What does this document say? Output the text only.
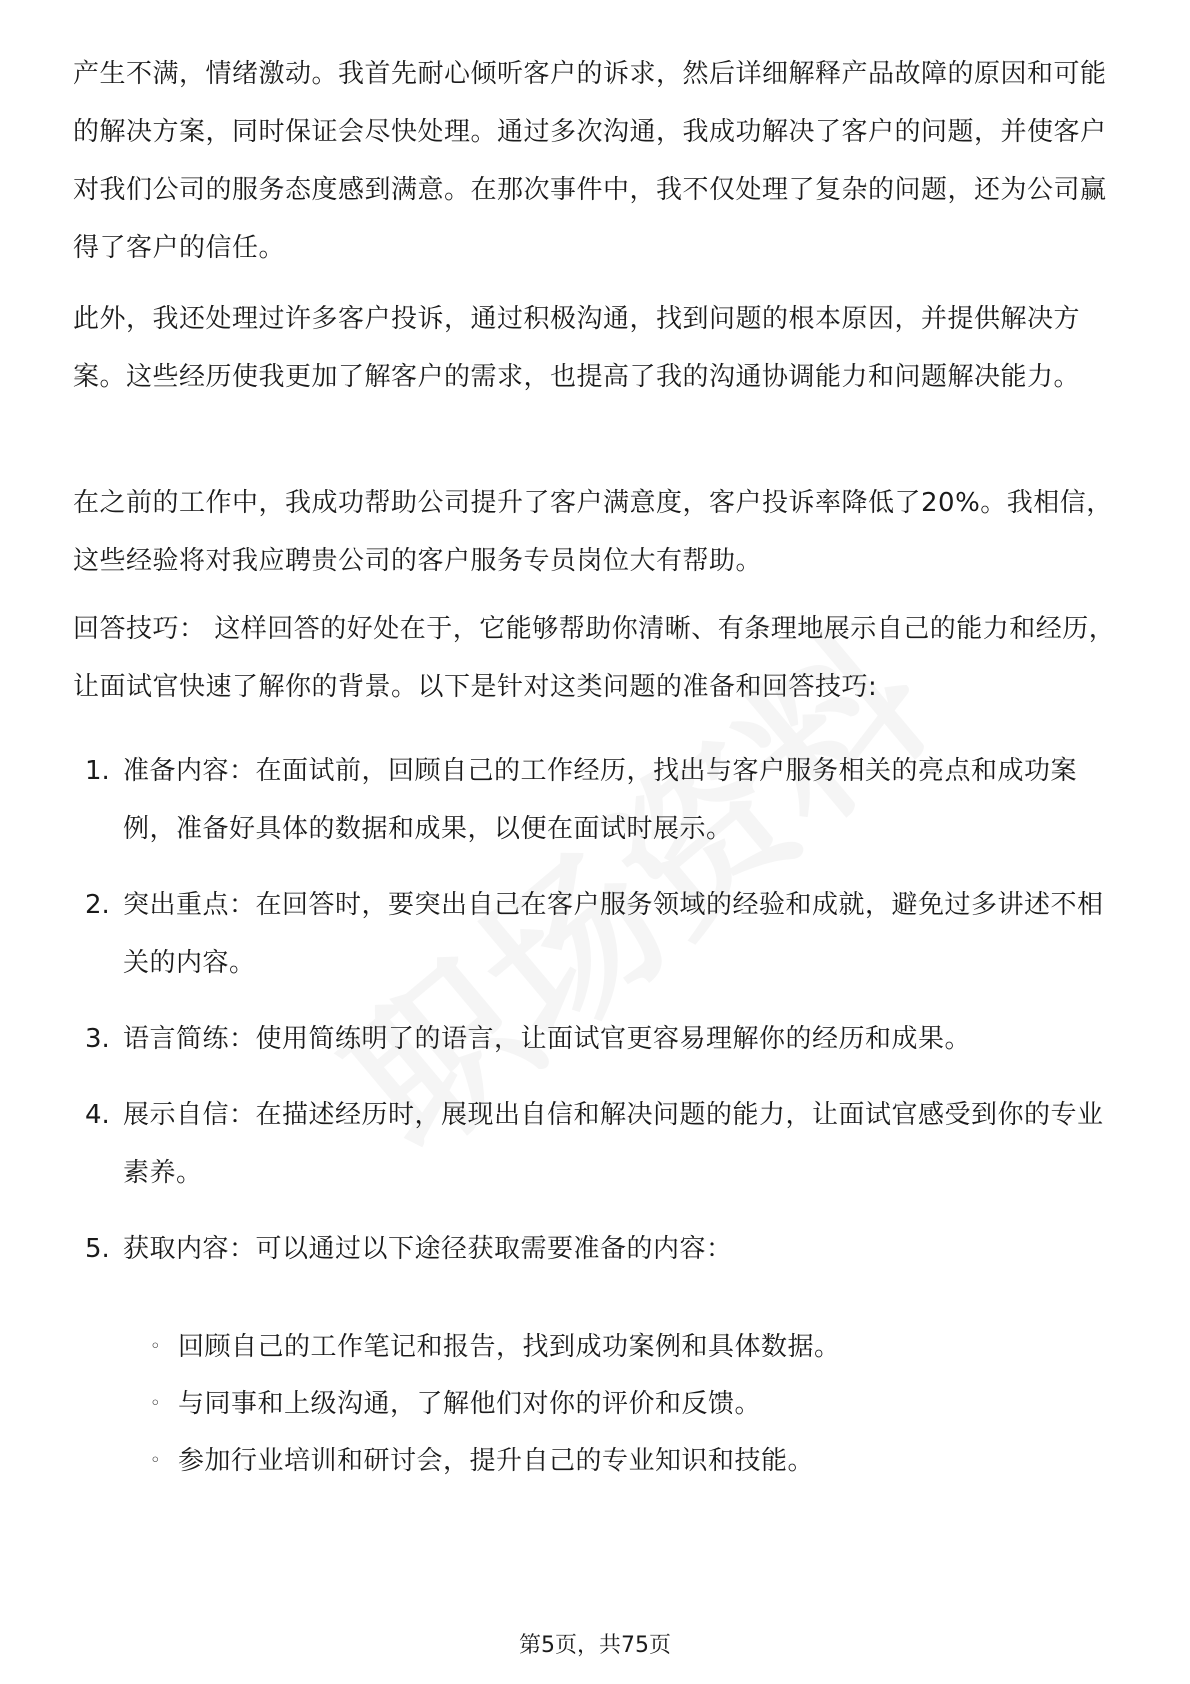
产生不满，情绪激动。我首先耐心倾听客户的诉求，然后详细解释产品故障的原因和可能的解决方案，同时保证会尽快处理。通过多次沟通，我成功解决了客户的问题，并使客户对我们公司的服务态度感到满意。在那次事件中，我不仅处理了复杂的问题，还为公司赢得了客户的信任。

此外，我还处理过许多客户投诉，通过积极沟通，找到问题的根本原因，并提供解决方案。这些经历使我更加了解客户的需求，也提高了我的沟通协调能力和问题解决能力。

在之前的工作中，我成功帮助公司提升了客户满意度，客户投诉率降低了20%。我相信，这些经验将对我应聘贵公司的客户服务专员岗位大有帮助。

回答技巧： 这样回答的好处在于，它能够帮助你清晰、有条理地展示自己的能力和经历，让面试官快速了解你的背景。以下是针对这类问题的准备和回答技巧:

1. 准备内容：在面试前，回顾自己的工作经历，找出与客户服务相关的亮点和成功案例，准备好具体的数据和成果，以便在面试时展示。
2. 突出重点：在回答时，要突出自己在客户服务领域的经验和成就，避免过多讲述不相关的内容。
3. 语言简练：使用简练明了的语言，让面试官更容易理解你的经历和成果。
4. 展示自信：在描述经历时，展现出自信和解决问题的能力，让面试官感受到你的专业素养。
5. 获取内容：可以通过以下途径获取需要准备的内容：
◦ 回顾自己的工作笔记和报告，找到成功案例和具体数据。
◦ 与同事和上级沟通，了解他们对你的评价和反馈。
◦ 参加行业培训和研讨会，提升自己的专业知识和技能。
第5页，共75页
